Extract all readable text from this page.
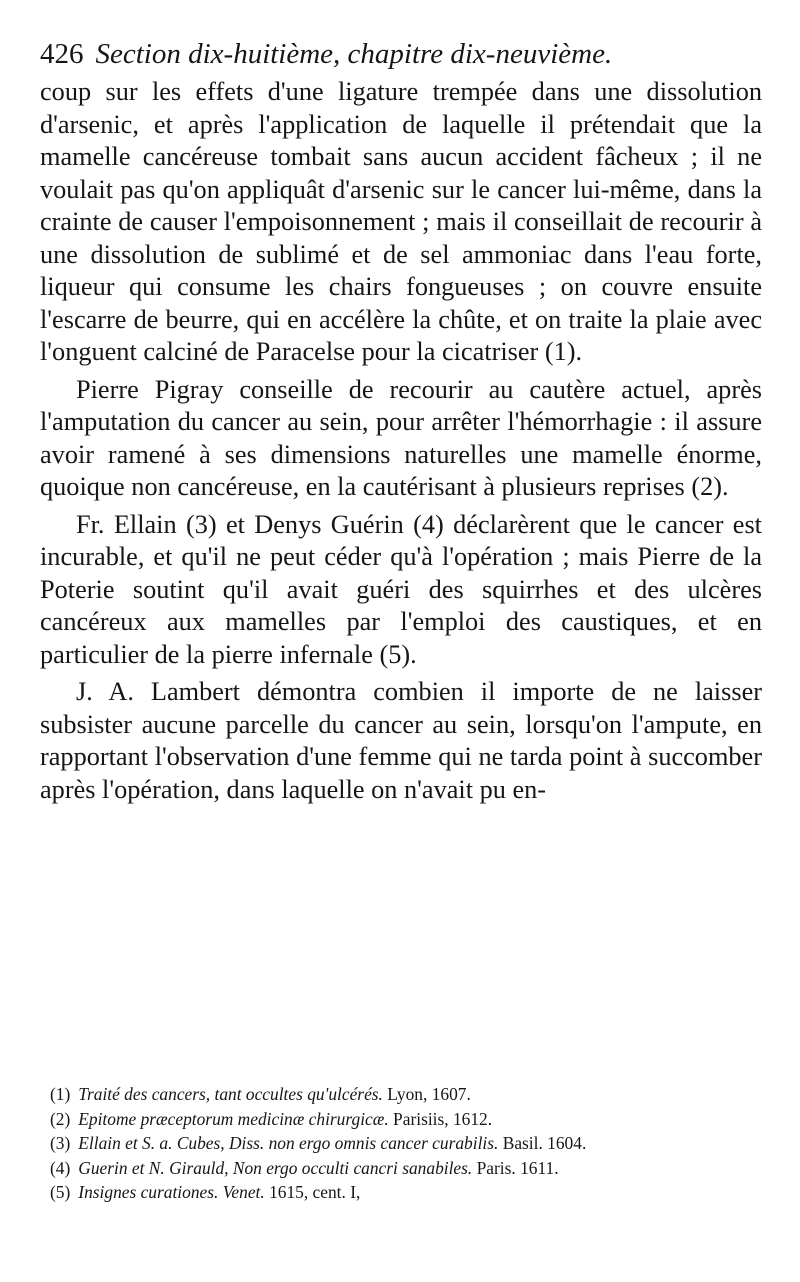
426 Section dix-huitième, chapitre dix-neuvième.

coup sur les effets d'une ligature trempée dans une dissolution d'arsenic, et après l'application de laquelle il prétendait que la mamelle cancéreuse tombait sans aucun accident fâcheux ; il ne voulait pas qu'on appliquât d'arsenic sur le cancer lui-même, dans la crainte de causer l'empoisonnement ; mais il conseillait de recourir à une dissolution de sublimé et de sel ammoniac dans l'eau forte, liqueur qui consume les chairs fongueuses ; on couvre ensuite l'escarre de beurre, qui en accélère la chûte, et on traite la plaie avec l'onguent calciné de Paracelse pour la cicatriser (1).

Pierre Pigray conseille de recourir au cautère actuel, après l'amputation du cancer au sein, pour arrêter l'hémorrhagie : il assure avoir ramené à ses dimensions naturelles une mamelle énorme, quoique non cancéreuse, en la cautérisant à plusieurs reprises (2).

Fr. Ellain (3) et Denys Guérin (4) déclarèrent que le cancer est incurable, et qu'il ne peut céder qu'à l'opération ; mais Pierre de la Poterie soutint qu'il avait guéri des squirrhes et des ulcères cancéreux aux mamelles par l'emploi des caustiques, et en particulier de la pierre infernale (5).

J. A. Lambert démontra combien il importe de ne laisser subsister aucune parcelle du cancer au sein, lorsqu'on l'ampute, en rapportant l'observation d'une femme qui ne tarda point à succomber après l'opération, dans laquelle on n'avait pu en-

(1) Traité des cancers, tant occultes qu'ulcérés. Lyon, 1607.

(2) Epitome præceptorum medicinæ chirurgicæ. Parisiis, 1612.

(3) Ellain et S. a. Cubes, Diss. non ergo omnis cancer curabilis. Basil. 1604.

(4) Guerin et N. Girauld, Non ergo occulti cancri sanabiles. Paris. 1611.

(5) Insignes curationes. Venet. 1615, cent. I,
